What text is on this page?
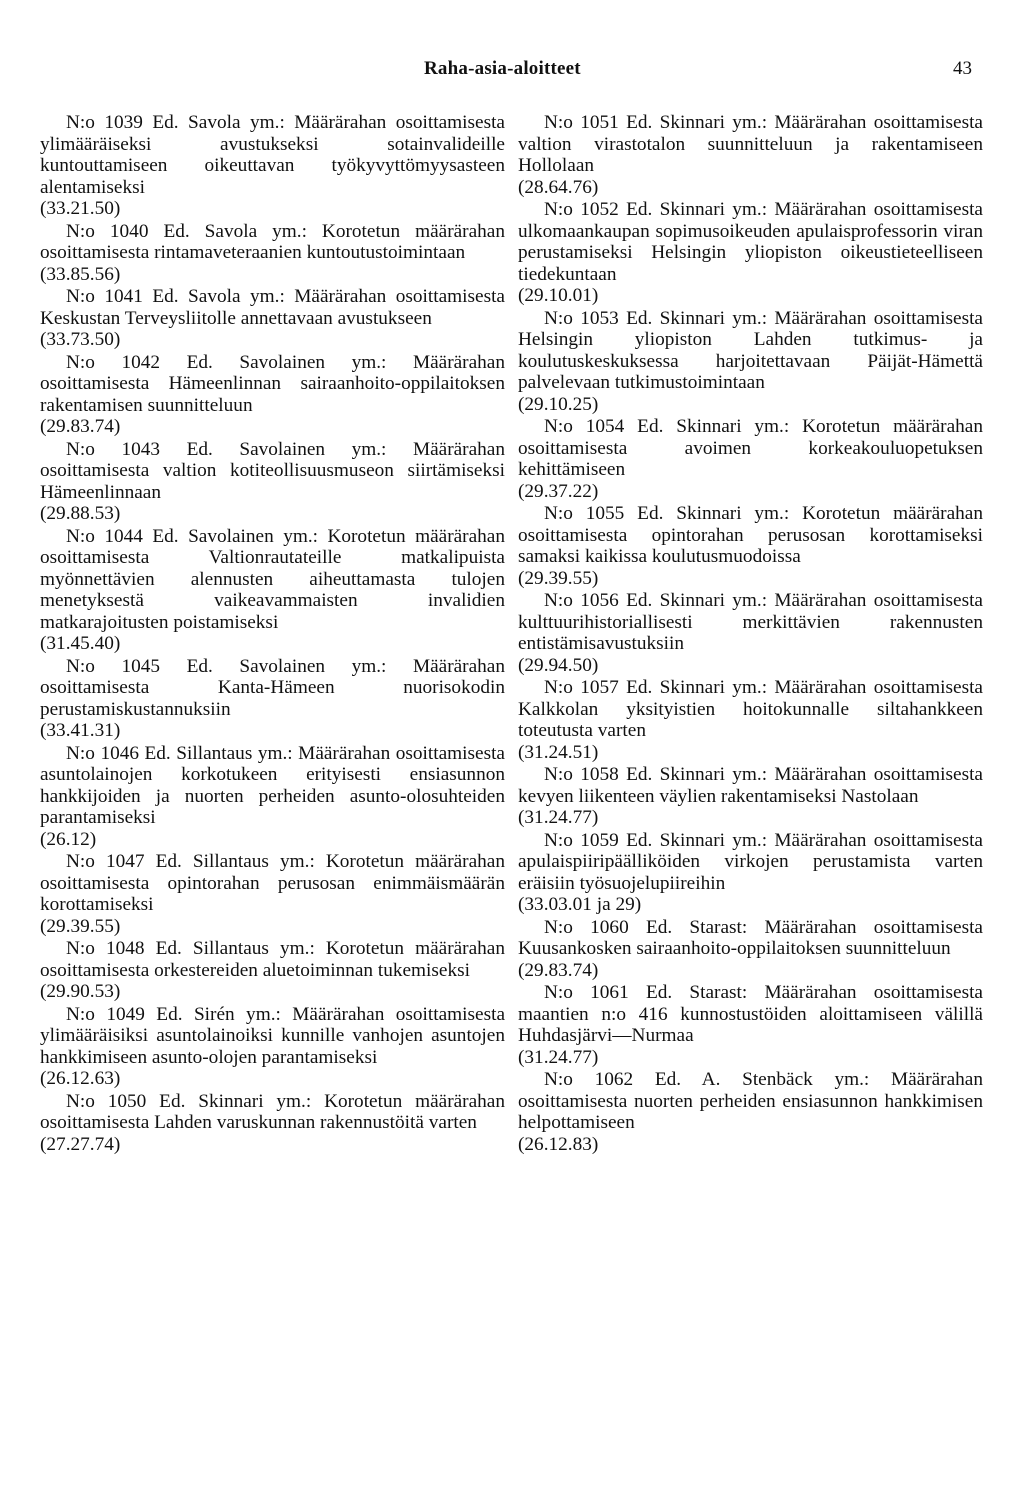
Raha-asia-aloitteet	43

N:o 1039 Ed. Savola ym.: Määrärahan osoittamisesta ylimääräiseksi avustukseksi sotainvalideille kuntouttamiseen oikeuttavan työkyvyttömyysasteen alentamiseksi

(33.21.50)

N:o 1040 Ed. Savola ym.: Korotetun määrärahan osoittamisesta rintamaveteraanien kuntoutustoimintaan

(33.85.56)

N:o 1041 Ed. Savola ym.: Määrärahan osoittamisesta Keskustan Terveysliitolle annettavaan avustukseen

(33.73.50)

N:o 1042 Ed. Savolainen ym.: Määrärahan osoittamisesta Hämeenlinnan sairaanhoito-oppilaitoksen rakentamisen suunnitteluun

(29.83.74)

N:o 1043 Ed. Savolainen ym.: Määrärahan osoittamisesta valtion kotiteollisuusmuseon siirtämiseksi Hämeenlinnaan

(29.88.53)

N:o 1044 Ed. Savolainen ym.: Korotetun määrärahan osoittamisesta Valtionrautateille matkalipuista myönnettävien alennusten aiheuttamasta tulojen menetyksestä vaikeavammaisten invalidien matkarajoitusten poistamiseksi

(31.45.40)

N:o 1045 Ed. Savolainen ym.: Määrärahan osoittamisesta Kanta-Hämeen nuorisokodin perustamiskustannuksiin

(33.41.31)

N:o 1046 Ed. Sillantaus ym.: Määrärahan osoittamisesta asuntolainojen korkotukeen erityisesti ensiasunnon hankkijoiden ja nuorten perheiden asunto-olosuhteiden parantamiseksi

(26.12)

N:o 1047 Ed. Sillantaus ym.: Korotetun määrärahan osoittamisesta opintorahan perusosan enimmäismäärän korottamiseksi

(29.39.55)

N:o 1048 Ed. Sillantaus ym.: Korotetun määrärahan osoittamisesta orkestereiden aluetoiminnan tukemiseksi

(29.90.53)

N:o 1049 Ed. Sirén ym.: Määrärahan osoittamisesta ylimääräisiksi asuntolainoiksi kunnille vanhojen asuntojen hankkimiseen asunto-olojen parantamiseksi

(26.12.63)

N:o 1050 Ed. Skinnari ym.: Korotetun määrärahan osoittamisesta Lahden varuskunnan rakennustöitä varten

(27.27.74)

N:o 1051 Ed. Skinnari ym.: Määrärahan osoittamisesta valtion virastotalon suunnitteluun ja rakentamiseen Hollolaan

(28.64.76)

N:o 1052 Ed. Skinnari ym.: Määrärahan osoittamisesta ulkomaankaupan sopimusoikeuden apulaisprofessorin viran perustamiseksi Helsingin yliopiston oikeustieteelliseen tiedekuntaan

(29.10.01)

N:o 1053 Ed. Skinnari ym.: Määrärahan osoittamisesta Helsingin yliopiston Lahden tutkimus- ja koulutuskeskuksessa harjoitettavaan Päijät-Hämettä palvelevaan tutkimustoimintaan

(29.10.25)

N:o 1054 Ed. Skinnari ym.: Korotetun määrärahan osoittamisesta avoimen korkeakouluopetuksen kehittämiseen

(29.37.22)

N:o 1055 Ed. Skinnari ym.: Korotetun määrärahan osoittamisesta opintorahan perusosan korottamiseksi samaksi kaikissa koulutusmuodoissa

(29.39.55)

N:o 1056 Ed. Skinnari ym.: Määrärahan osoittamisesta kulttuurihistoriallisesti merkittävien rakennusten entistämisavustuksiin

(29.94.50)

N:o 1057 Ed. Skinnari ym.: Määrärahan osoittamisesta Kalkkolan yksityistien hoitokunnalle siltahankkeen toteutusta varten

(31.24.51)

N:o 1058 Ed. Skinnari ym.: Määrärahan osoittamisesta kevyen liikenteen väylien rakentamiseksi Nastolaan

(31.24.77)

N:o 1059 Ed. Skinnari ym.: Määrärahan osoittamisesta apulaispiiripäälliköiden virkojen perustamista varten eräisiin työsuojelupiireihin

(33.03.01 ja 29)

N:o 1060 Ed. Starast: Määrärahan osoittamisesta Kuusankosken sairaanhoito-oppilaitoksen suunnitteluun

(29.83.74)

N:o 1061 Ed. Starast: Määrärahan osoittamisesta maantien n:o 416 kunnostustöiden aloittamiseen välillä Huhdasjärvi—Nurmaa

(31.24.77)

N:o 1062 Ed. A. Stenbäck ym.: Määrärahan osoittamisesta nuorten perheiden ensiasunnon hankkimisen helpottamiseen

(26.12.83)
